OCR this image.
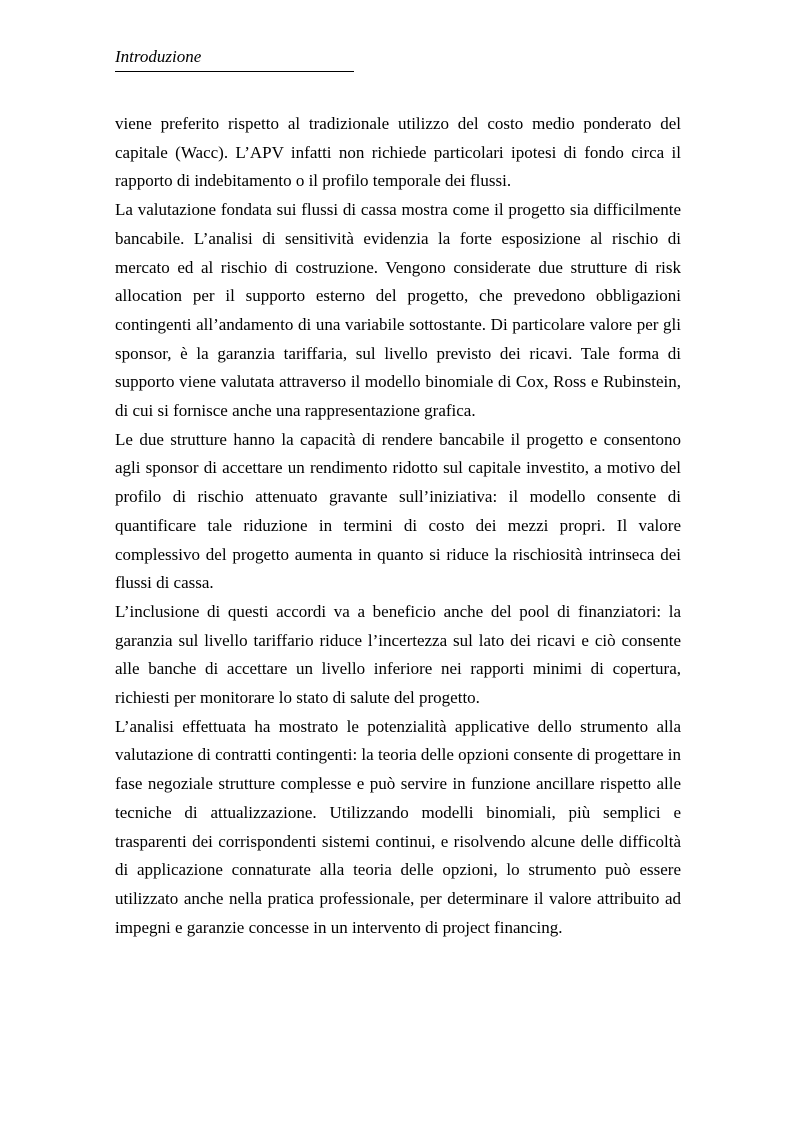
Introduzione

viene preferito rispetto al tradizionale utilizzo del costo medio ponderato del capitale (Wacc). L’APV infatti non richiede particolari ipotesi di fondo circa il rapporto di indebitamento o il profilo temporale dei flussi.

La valutazione fondata sui flussi di cassa mostra come il progetto sia difficilmente bancabile. L’analisi di sensitività evidenzia la forte esposizione al rischio di mercato ed al rischio di costruzione. Vengono considerate due strutture di risk allocation per il supporto esterno del progetto, che prevedono obbligazioni contingenti all’andamento di una variabile sottostante. Di particolare valore per gli sponsor, è la garanzia tariffaria, sul livello previsto dei ricavi. Tale forma di supporto viene valutata attraverso il modello binomiale di Cox, Ross e Rubinstein, di cui si fornisce anche una rappresentazione grafica.

Le due strutture hanno la capacità di rendere bancabile il progetto e consentono agli sponsor di accettare un rendimento ridotto sul capitale investito, a motivo del profilo di rischio attenuato gravante sull’iniziativa: il modello consente di quantificare tale riduzione in termini di costo dei mezzi propri. Il valore complessivo del progetto aumenta in quanto si riduce la rischiosità intrinseca dei flussi di cassa.

L’inclusione di questi accordi va a beneficio anche del pool di finanziatori: la garanzia sul livello tariffario riduce l’incertezza sul lato dei ricavi e ciò consente alle banche di accettare un livello inferiore nei rapporti minimi di copertura, richiesti per monitorare lo stato di salute del progetto.

L’analisi effettuata ha mostrato le potenzialità applicative dello strumento alla valutazione di contratti contingenti: la teoria delle opzioni consente di progettare in fase negoziale strutture complesse e può servire in funzione ancillare rispetto alle tecniche di attualizzazione. Utilizzando modelli binomiali, più semplici e trasparenti dei corrispondenti sistemi continui, e risolvendo alcune delle difficoltà di applicazione connaturate alla teoria delle opzioni, lo strumento può essere utilizzato anche nella pratica professionale, per determinare il valore attribuito ad impegni e garanzie concesse in un intervento di project financing.
